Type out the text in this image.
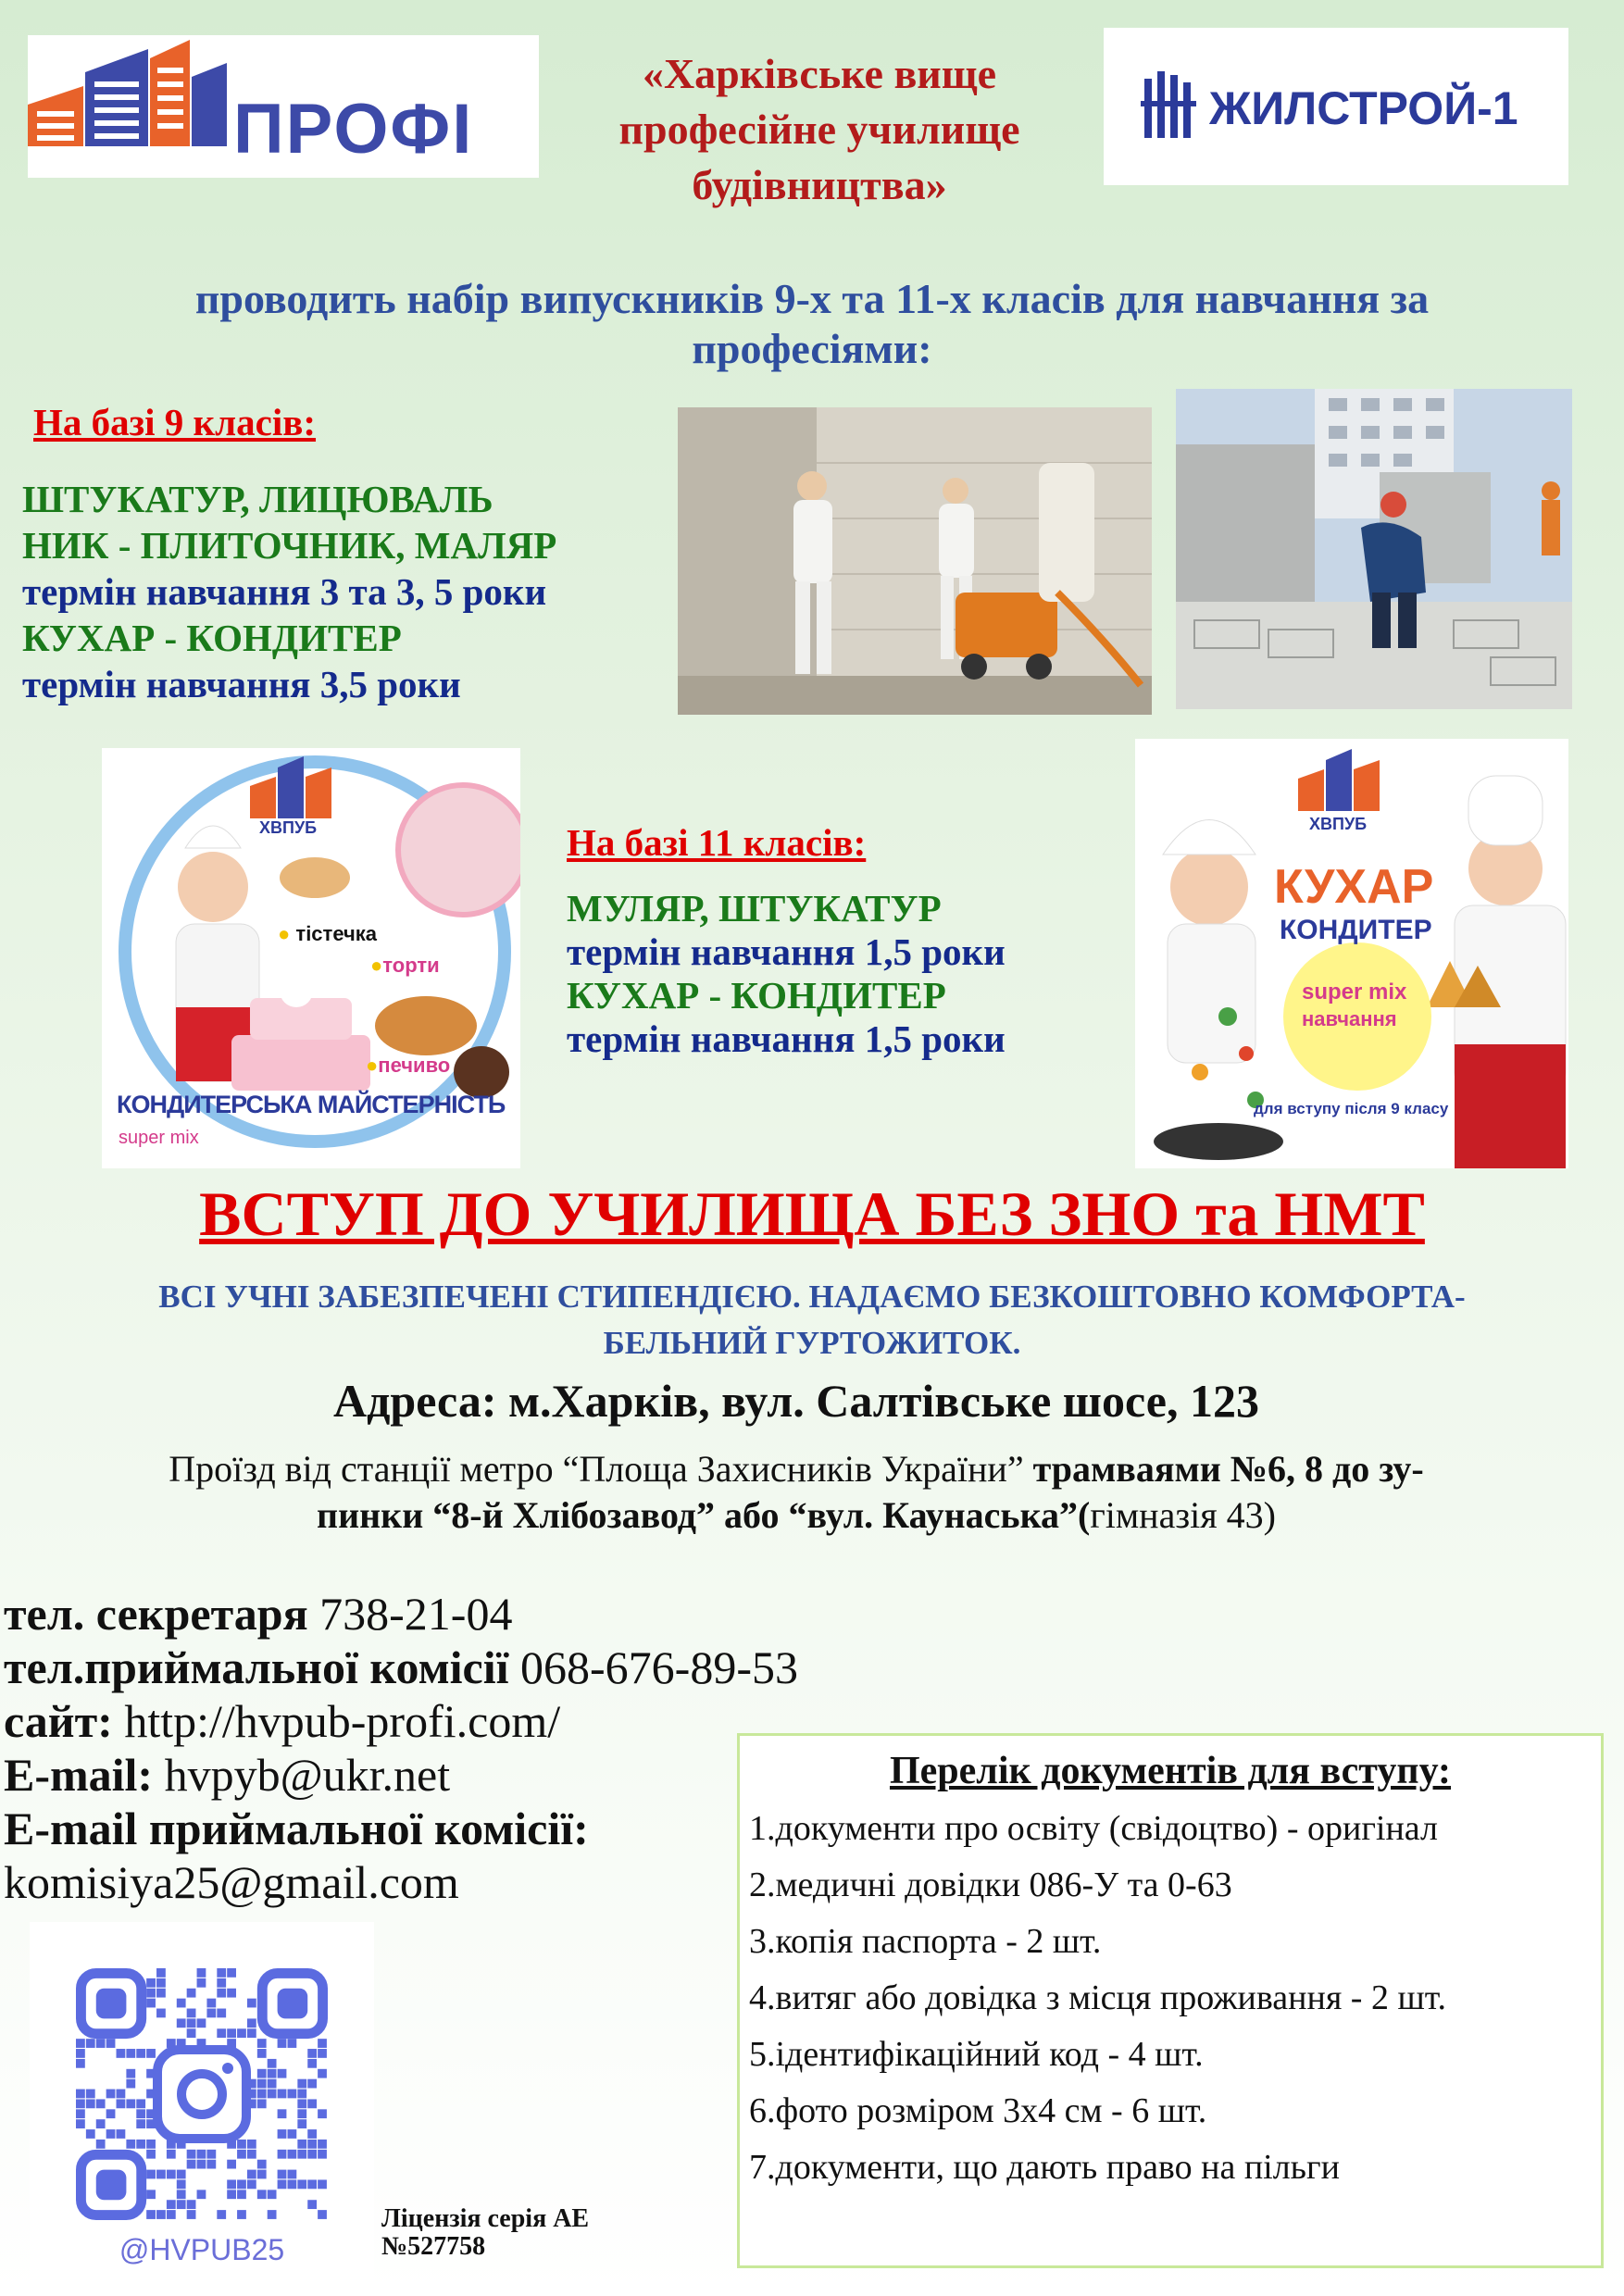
ПРОФІ
«Харківське вище
професійне училище
будівництва»
ЖИЛСТРОЙ-1
проводить набір випускників 9-х та 11-х класів для навчання за
професіями:
На базі 9 класів:
ШТУКАТУР, ЛИЦЮВАЛЬ
НИК - ПЛИТОЧНИК, МАЛЯР
термін навчання 3 та 3, 5 роки
КУХАР - КОНДИТЕР
термін навчання 3,5 роки
ХВПУБ
● тістечка
●торти
●печиво
КОНДИТЕРСЬКА МАЙСТЕРНІСТЬ
super mix
На базі 11 класів:
МУЛЯР, ШТУКАТУР
термін навчання 1,5 роки
КУХАР - КОНДИТЕР
термін навчання 1,5 роки
ХВПУБ
КУХАР
КОНДИТЕР
super mix
навчання
для вступу після 9 класу
ВСТУП ДО УЧИЛИЩА БЕЗ ЗНО та НМТ
ВСІ УЧНІ ЗАБЕЗПЕЧЕНІ СТИПЕНДІЄЮ. НАДАЄМО БЕЗКОШТОВНО КОМФОРТА-
БЕЛЬНИЙ ГУРТОЖИТОК.
Адреса: м.Харків, вул. Салтівське шосе, 123
Проїзд від станції метро “Площа Захисників України” трамваями №6, 8 до зу-
пинки “8-й Хлібозавод” або “вул. Каунаська”(гімназія 43)
тел. секретаря 738-21-04
тел.приймальної комісії 068-676-89-53
сайт: http://hvpub-profi.com/
E-mail: hvpyb@ukr.net
E-mail приймальної комісії:
komisiya25@gmail.com
@HVPUB25
Ліцензія серія АЕ
№527758
Перелік документів для вступу:
1.документи про освіту (свідоцтво) - оригінал
2.медичні довідки 086-У та 0-63
3.копія паспорта - 2 шт.
4.витяг або довідка з місця проживання - 2 шт.
5.ідентифікаційний код - 4 шт.
6.фото розміром 3х4 см - 6 шт.
7.документи, що дають право на пільги
